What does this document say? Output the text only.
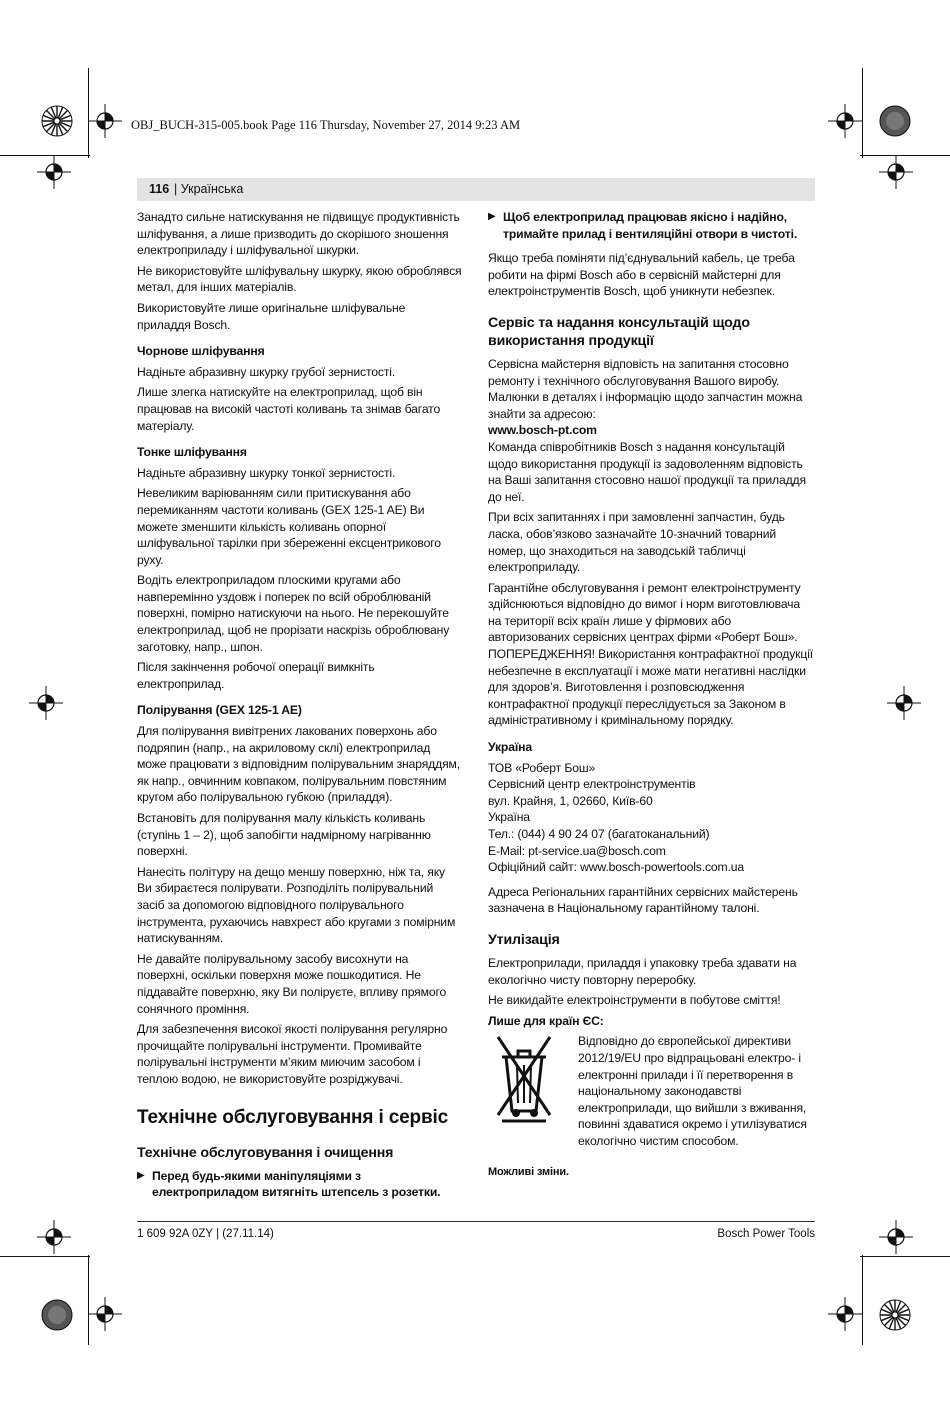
OBJ_BUCH-315-005.book Page 116 Thursday, November 27, 2014 9:23 AM
116 | Українська

Занадто сильне натискування не підвищує продуктивність шліфування, а лише призводить до скорішого зношення електроприладу і шліфувальної шкурки.

Не використовуйте шліфувальну шкурку, якою оброблявся метал, для інших матеріалів.

Використовуйте лише оригінальне шліфувальне приладдя Bosch.

Чорнове шліфування

Надіньте абразивну шкурку грубої зернистості.

Лише злегка натискуйте на електроприлад, щоб він працював на високій частоті коливань та знімав багато матеріалу.

Тонке шліфування

Надіньте абразивну шкурку тонкої зернистості.

Невеликим варіюванням сили притискування або перемиканням частоти коливань (GEX 125-1 AE) Ви можете зменшити кількість коливань опорної шліфувальної тарілки при збереженні ексцентрикового руху.

Водіть електроприладом плоскими кругами або навперемінно уздовж і поперек по всій оброблюваній поверхні, помірно натискуючи на нього. Не перекошуйте електроприлад, щоб не прорізати наскрізь оброблювану заготовку, напр., шпон.

Після закінчення робочої операції вимкніть електроприлад.

Полірування (GEX 125-1 AE)

Для полірування вивітрених лакованих поверхонь або подряпин (напр., на акриловому склі) електроприлад може працювати з відповідним полірувальним знаряддям, як напр., овчинним ковпаком, полірувальним повстяним кругом або полірувальною губкою (приладдя).

Встановіть для полірування малу кількість коливань (ступінь 1 – 2), щоб запобігти надмірному нагріванню поверхні.

Нанесіть політуру на дещо меншу поверхню, ніж та, яку Ви збираєтеся полірувати. Розподіліть полірувальний засіб за допомогою відповідного полірувального інструмента, рухаючись навхрест або кругами з помірним натискуванням.

Не давайте полірувальному засобу висохнути на поверхні, оскільки поверхня може пошкодитися. Не піддавайте поверхню, яку Ви поліруєте, впливу прямого сонячного проміння.

Для забезпечення високої якості полірування регулярно прочищайте полірувальні інструменти. Промивайте полірувальні інструменти м’яким миючим засобом і теплою водою, не використовуйте розріджувачі.

Технічне обслуговування і сервіс
Технічне обслуговування і очищення
▶ Перед будь-якими маніпуляціями з електроприладом витягніть штепсель з розетки.
▶ Щоб електроприлад працював якісно і надійно, тримайте прилад і вентиляційні отвори в чистоті.

Якщо треба поміняти під’єднувальний кабель, це треба робити на фірмі Bosch або в сервісній майстерні для електроінструментів Bosch, щоб уникнути небезпек.

Сервіс та надання консультацій щодо використання продукції

Сервісна майстерня відповість на запитання стосовно ремонту і технічного обслуговування Вашого виробу. Малюнки в деталях і інформацію щодо запчастин можна знайти за адресою:

www.bosch-pt.com

Команда співробітників Bosch з надання консультацій щодо використання продукції із задоволенням відповість на Ваші запитання стосовно нашої продукції та приладдя до неї.

При всіх запитаннях і при замовленні запчастин, будь ласка, обов’язково зазначайте 10-значний товарний номер, що знаходиться на заводській табличці електроприладу.

Гарантійне обслуговування і ремонт електроінструменту здійснюються відповідно до вимог і норм виготовлювача на території всіх країн лише у фірмових або авторизованих сервісних центрах фірми «Роберт Бош». ПОПЕРЕДЖЕННЯ! Використання контрафактної продукції небезпечне в експлуатації і може мати негативні наслідки для здоров’я. Виготовлення і розповсюдження контрафактної продукції переслідується за Законом в адміністративному і кримінальному порядку.

Україна

ТОВ «Роберт Бош»

Сервісний центр електроінструментів

вул. Крайня, 1, 02660, Київ-60

Україна

Тел.: (044) 4 90 24 07 (багатоканальний)

E-Mail: pt-service.ua@bosch.com

Офіційний сайт: www.bosch-powertools.com.ua

Адреса Регіональних гарантійних сервісних майстерень зазначена в Національному гарантійному талоні.

Утилізація

Електроприлади, приладдя і упаковку треба здавати на екологічно чисту повторну переробку.

Не викидайте електроінструменти в побутове сміття!

Лише для країн ЄС:

Відповідно до європейської директиви 2012/19/EU про відпрацьовані електро- і електронні прилади і її перетворення в національному законодавстві електроприлади, що вийшли з вживання, повинні здаватися окремо і утилізуватися екологічно чистим способом.

Можливі зміни.

1 609 92A 0ZY | (27.11.14)	Bosch Power Tools
